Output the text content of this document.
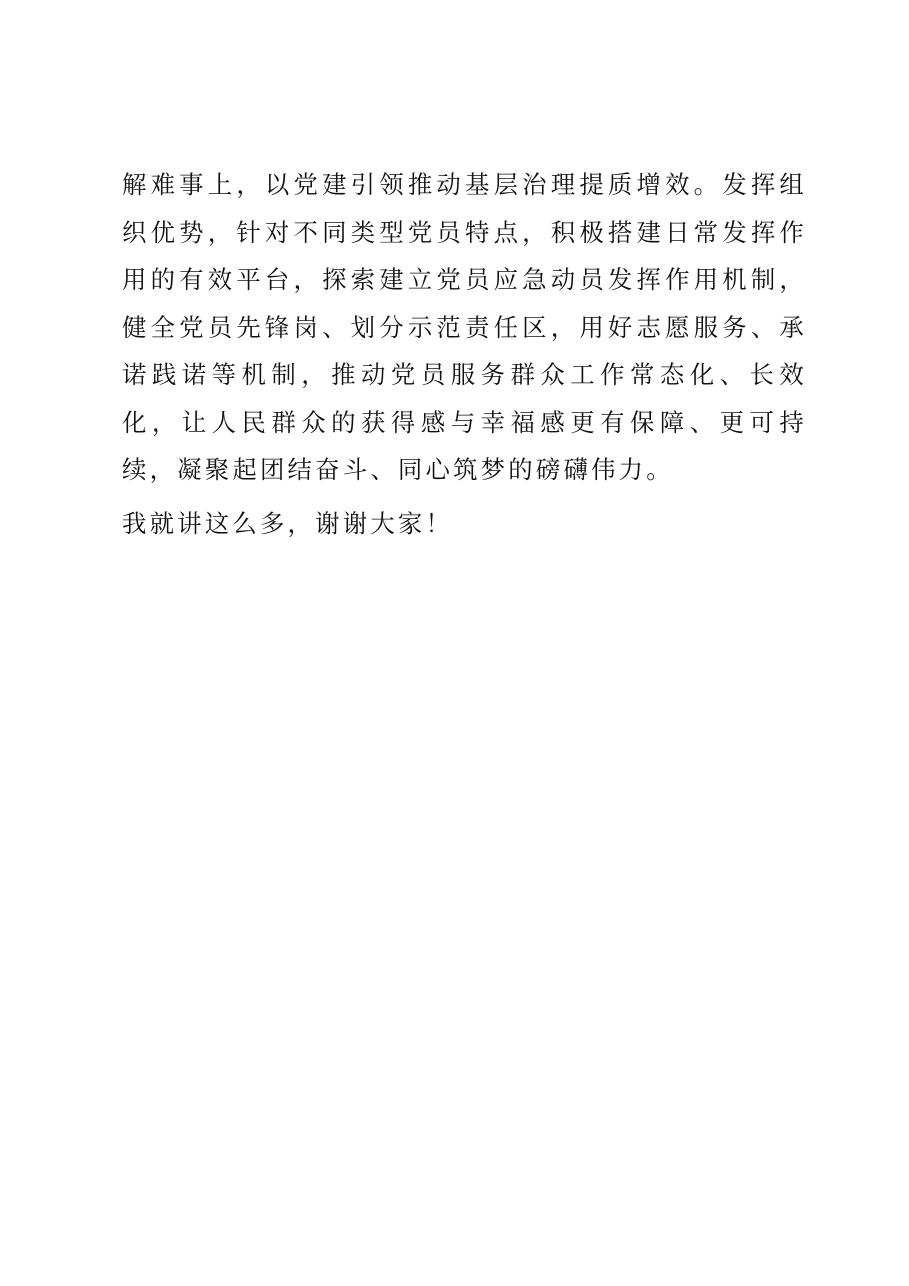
解难事上，以党建引领推动基层治理提质增效。发挥组织优势，针对不同类型党员特点，积极搭建日常发挥作用的有效平台，探索建立党员应急动员发挥作用机制，健全党员先锋岗、划分示范责任区，用好志愿服务、承诺践诺等机制，推动党员服务群众工作常态化、长效化，让人民群众的获得感与幸福感更有保障、更可持续，凝聚起团结奋斗、同心筑梦的磅礴伟力。

我就讲这么多，谢谢大家！
